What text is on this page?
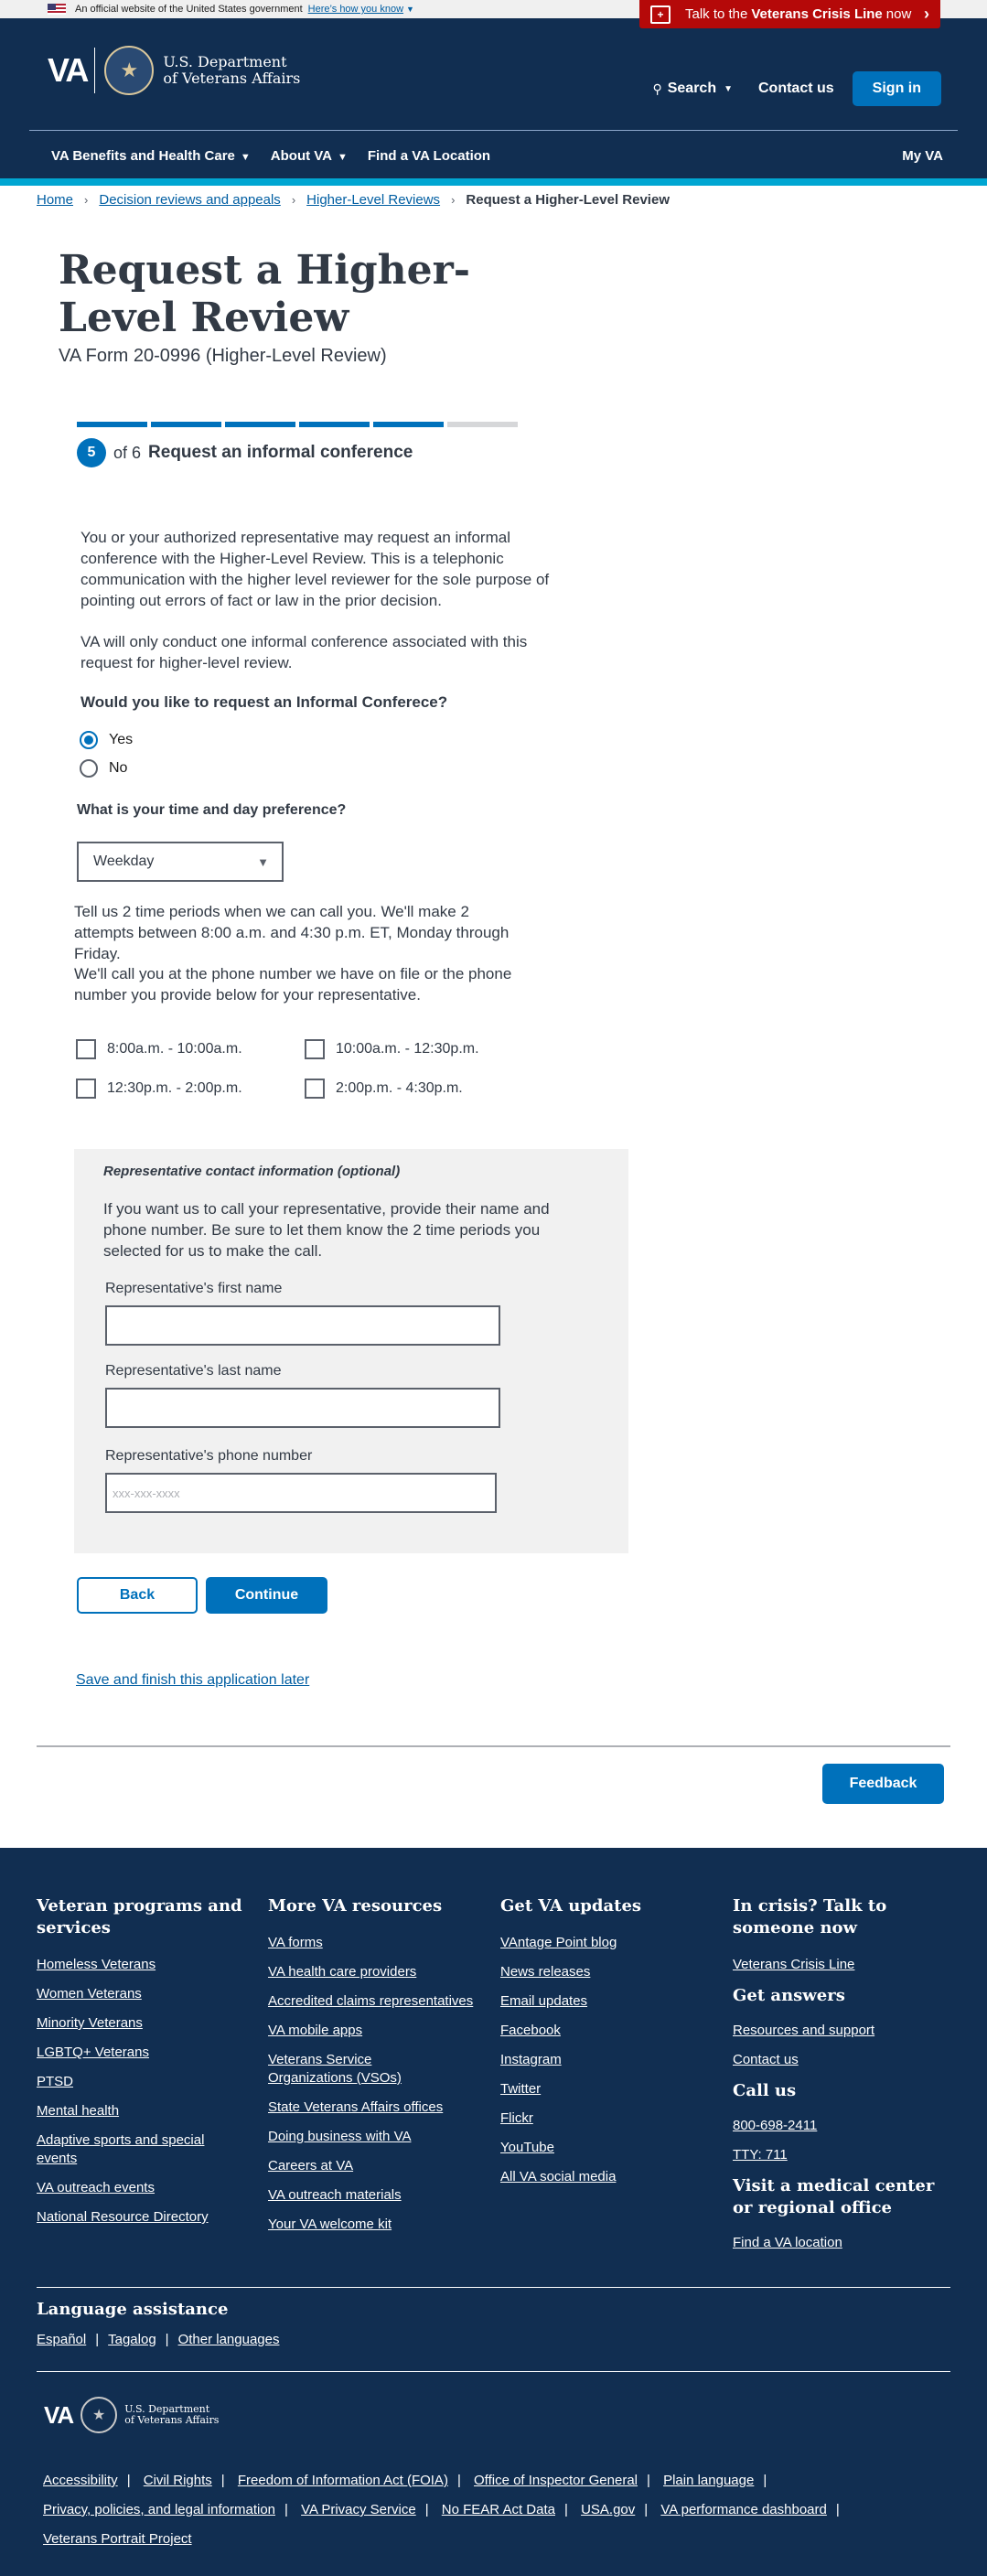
An official website of the United States government Here’s how you know ▼	+	Talk to the Veterans Crisis Line now ›
VA	★	U.S. Department
of Veterans Affairs
⚲ Search ▼ Contact us	Sign in
VA Benefits and Health Care ▼ About VA ▼ Find a VA Location	My VA
Home › Decision reviews and appeals › Higher-Level Reviews › Request a Higher-Level Review
Request a Higher-Level Review
VA Form 20-0996 (Higher-Level Review)
5	of 6 Request an informal conference

You or your authorized representative may request an informal conference with the Higher-Level Review. This is a telephonic communication with the higher level reviewer for the sole purpose of pointing out errors of fact or law in the prior decision.

VA will only conduct one informal conference associated with this request for higher-level review.

Would you like to request an Informal Conferece?

Yes
No

What is your time and day preference?

Weekday	▼

Tell us 2 time periods when we can call you. We'll make 2 attempts between 8:00 a.m. and 4:30 p.m. ET, Monday through Friday.

We'll call you at the phone number we have on file or the phone number you provide below for your representative.

8:00a.m. - 10:00a.m.	10:00a.m. - 12:30p.m.
12:30p.m. - 2:00p.m.	2:00p.m. - 4:30p.m.
Representative contact information (optional)
If you want us to call your representative, provide their name and phone number. Be sure to let them know the 2 time periods you selected for us to make the call.
Representative's first name
Representative's last name
Representative's phone number
xxx-xxx-xxxx
Back	Continue
Save and finish this application later
Feedback
Veteran programs and services
Homeless Veterans
Women Veterans
Minority Veterans
LGBTQ+ Veterans
PTSD
Mental health
Adaptive sports and special events
VA outreach events
National Resource Directory
More VA resources
VA forms
VA health care providers
Accredited claims representatives
VA mobile apps
Veterans Service Organizations (VSOs)
State Veterans Affairs offices
Doing business with VA
Careers at VA
VA outreach materials
Your VA welcome kit
Get VA updates
VAntage Point blog
News releases
Email updates
Facebook
Instagram
Twitter
Flickr
YouTube
All VA social media
In crisis? Talk to someone now
Veterans Crisis Line
Get answers
Resources and support
Contact us
Call us
800-698-2411
TTY: 711
Visit a medical center or regional office
Find a VA location
Language assistance
Español | Tagalog | Other languages
VA	★	U.S. Department
of Veterans Affairs
Accessibility | Civil Rights | Freedom of Information Act (FOIA) | Office of Inspector General | Plain language |
Privacy, policies, and legal information | VA Privacy Service | No FEAR Act Data | USA.gov | VA performance dashboard |
Veterans Portrait Project
